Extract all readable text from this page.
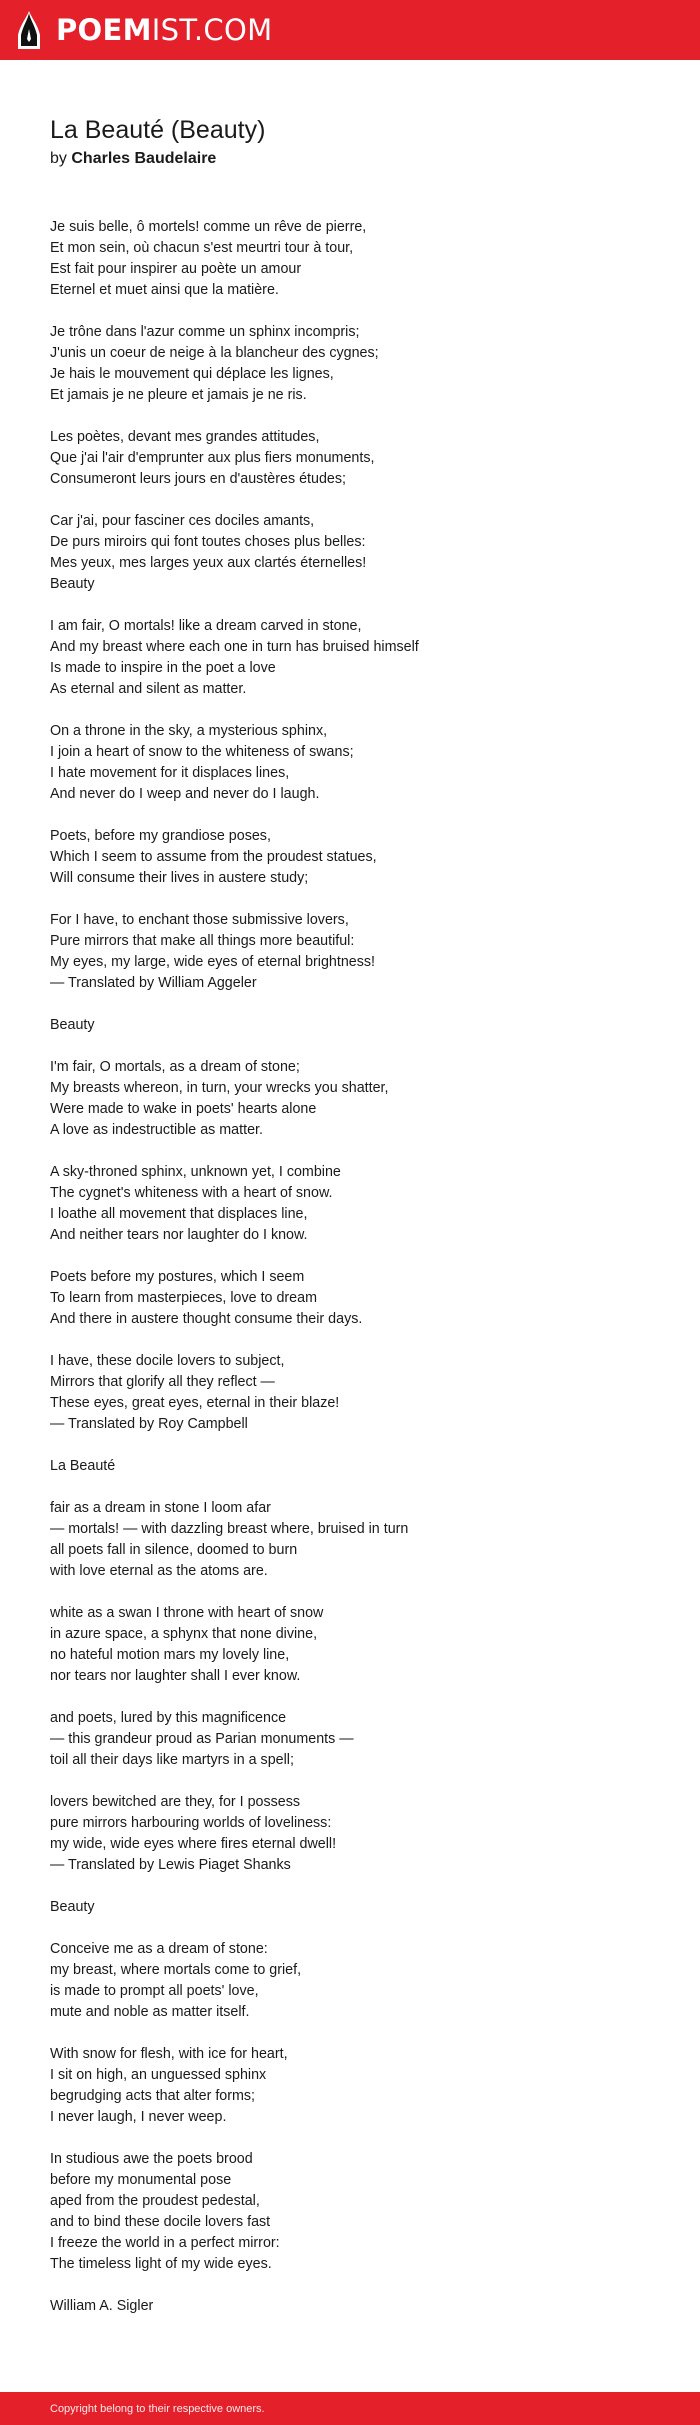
POEMIST.COM
La Beauté (Beauty)
by Charles Baudelaire
Je suis belle, ô mortels! comme un rêve de pierre,
Et mon sein, où chacun s'est meurtri tour à tour,
Est fait pour inspirer au poète un amour
Eternel et muet ainsi que la matière.
Je trône dans l'azur comme un sphinx incompris;
J'unis un coeur de neige à la blancheur des cygnes;
Je hais le mouvement qui déplace les lignes,
Et jamais je ne pleure et jamais je ne ris.
Les poètes, devant mes grandes attitudes,
Que j'ai l'air d'emprunter aux plus fiers monuments,
Consumeront leurs jours en d'austères études;
Car j'ai, pour fasciner ces dociles amants,
De purs miroirs qui font toutes choses plus belles:
Mes yeux, mes larges yeux aux clartés éternelles!
Beauty
I am fair, O mortals! like a dream carved in stone,
And my breast where each one in turn has bruised himself
Is made to inspire in the poet a love
As eternal and silent as matter.
On a throne in the sky, a mysterious sphinx,
I join a heart of snow to the whiteness of swans;
I hate movement for it displaces lines,
And never do I weep and never do I laugh.
Poets, before my grandiose poses,
Which I seem to assume from the proudest statues,
Will consume their lives in austere study;
For I have, to enchant those submissive lovers,
Pure mirrors that make all things more beautiful:
My eyes, my large, wide eyes of eternal brightness!
— Translated by William Aggeler
Beauty
I'm fair, O mortals, as a dream of stone;
My breasts whereon, in turn, your wrecks you shatter,
Were made to wake in poets' hearts alone
A love as indestructible as matter.
A sky-throned sphinx, unknown yet, I combine
The cygnet's whiteness with a heart of snow.
I loathe all movement that displaces line,
And neither tears nor laughter do I know.
Poets before my postures, which I seem
To learn from masterpieces, love to dream
And there in austere thought consume their days.
I have, these docile lovers to subject,
Mirrors that glorify all they reflect —
These eyes, great eyes, eternal in their blaze!
— Translated by Roy Campbell
La Beauté
fair as a dream in stone I loom afar
— mortals! — with dazzling breast where, bruised in turn
all poets fall in silence, doomed to burn
with love eternal as the atoms are.
white as a swan I throne with heart of snow
in azure space, a sphynx that none divine,
no hateful motion mars my lovely line,
nor tears nor laughter shall I ever know.
and poets, lured by this magnificence
— this grandeur proud as Parian monuments —
toil all their days like martyrs in a spell;
lovers bewitched are they, for I possess
pure mirrors harbouring worlds of loveliness:
my wide, wide eyes where fires eternal dwell!
— Translated by Lewis Piaget Shanks
Beauty
Conceive me as a dream of stone:
my breast, where mortals come to grief,
is made to prompt all poets' love,
mute and noble as matter itself.
With snow for flesh, with ice for heart,
I sit on high, an unguessed sphinx
begrudging acts that alter forms;
I never laugh, I never weep.
In studious awe the poets brood
before my monumental pose
aped from the proudest pedestal,
and to bind these docile lovers fast
I freeze the world in a perfect mirror:
The timeless light of my wide eyes.
William A. Sigler
Copyright belong to their respective owners.
